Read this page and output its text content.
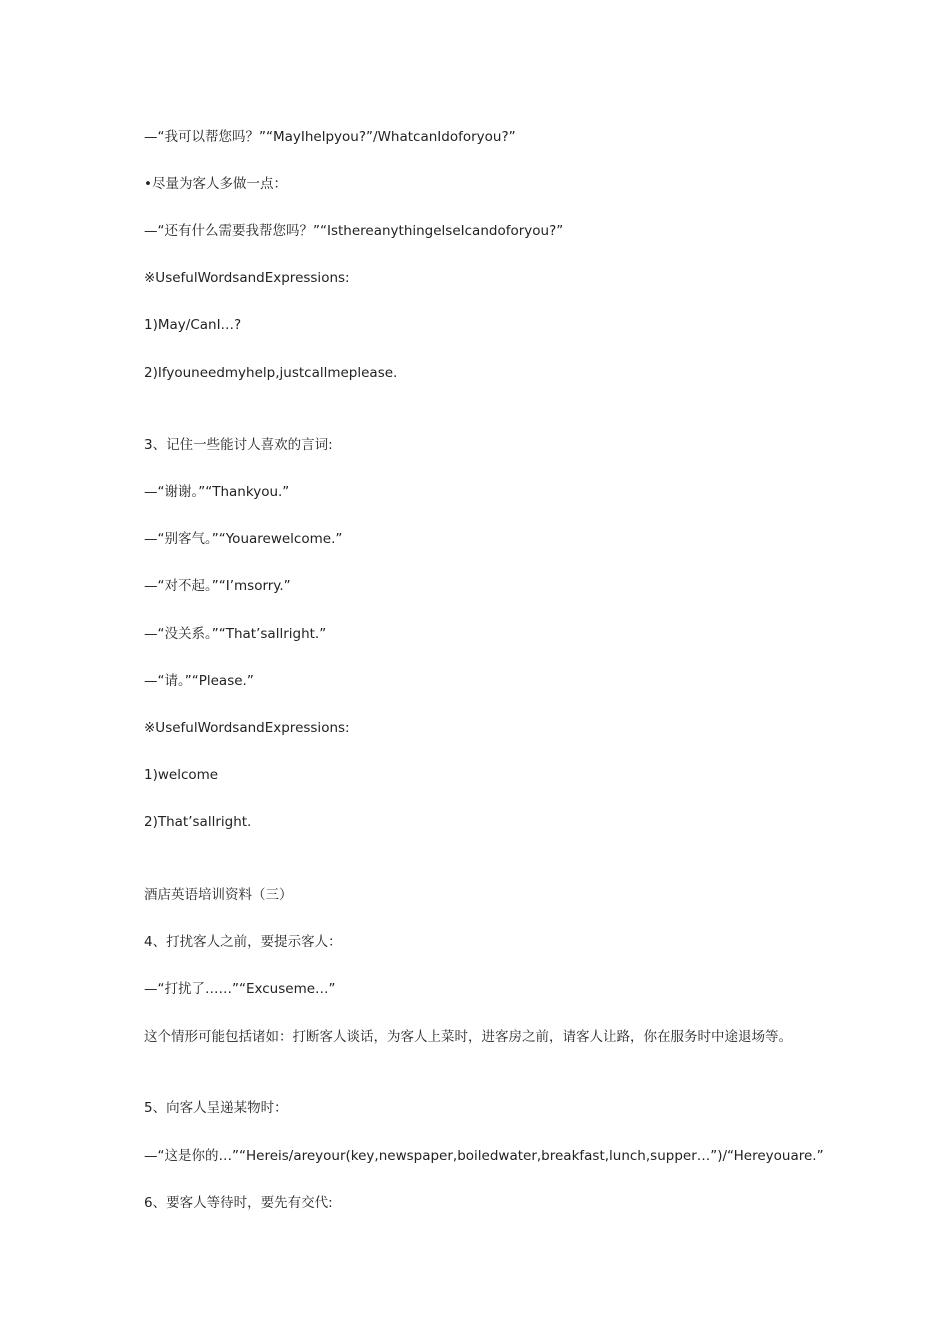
—“我可以帮您吗？”“MayIhelpyou?”/WhatcanIdoforyou?”
•尽量为客人多做一点：
—“还有什么需要我帮您吗？”“IsthereanythingelseIcandoforyou?”
※UsefulWordsandExpressions:
1)May/CanI…?
2)Ifyouneedmyhelp,justcallmeplease.
3、记住一些能讨人喜欢的言词:
—“谢谢。”“Thankyou.”
—“别客气。”“Youarewelcome.”
—“对不起。”“I’msorry.”
—“没关系。”“That’sallright.”
—“请。”“Please.”
※UsefulWordsandExpressions:
1)welcome
2)That’sallright.
酒店英语培训资料（三）
4、打扰客人之前，要提示客人：
—“打扰了……”“Excuseme…”
这个情形可能包括诸如：打断客人谈话，为客人上菜时，进客房之前，请客人让路，你在服务时中途退场等。
5、向客人呈递某物时：
—“这是你的…”“Hereis/areyour(key,newspaper,boiledwater,breakfast,lunch,supper…”)/“Hereyouare.”
6、要客人等待时，要先有交代:
